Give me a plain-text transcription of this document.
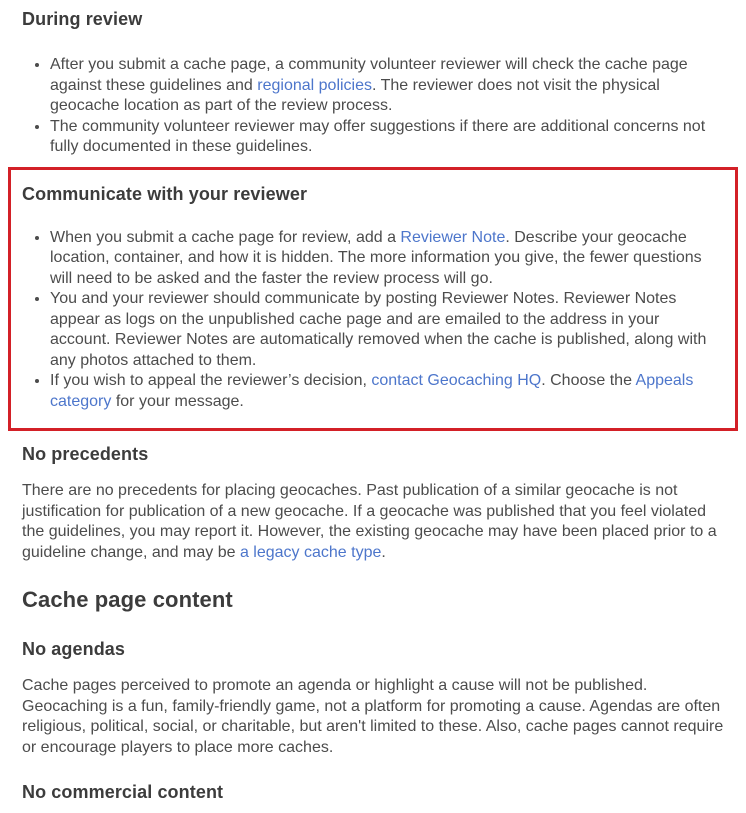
During review
• After you submit a cache page, a community volunteer reviewer will check the cache page against these guidelines and regional policies. The reviewer does not visit the physical geocache location as part of the review process.
• The community volunteer reviewer may offer suggestions if there are additional concerns not fully documented in these guidelines.
Communicate with your reviewer
• When you submit a cache page for review, add a Reviewer Note. Describe your geocache location, container, and how it is hidden. The more information you give, the fewer questions will need to be asked and the faster the review process will go.
• You and your reviewer should communicate by posting Reviewer Notes. Reviewer Notes appear as logs on the unpublished cache page and are emailed to the address in your account. Reviewer Notes are automatically removed when the cache is published, along with any photos attached to them.
• If you wish to appeal the reviewer’s decision, contact Geocaching HQ. Choose the Appeals category for your message.
No precedents

There are no precedents for placing geocaches. Past publication of a similar geocache is not justification for publication of a new geocache. If a geocache was published that you feel violated the guidelines, you may report it. However, the existing geocache may have been placed prior to a guideline change, and may be a legacy cache type.

Cache page content
No agendas

Cache pages perceived to promote an agenda or highlight a cause will not be published. Geocaching is a fun, family-friendly game, not a platform for promoting a cause. Agendas are often religious, political, social, or charitable, but aren't limited to these. Also, cache pages cannot require or encourage players to place more caches.

No commercial content
